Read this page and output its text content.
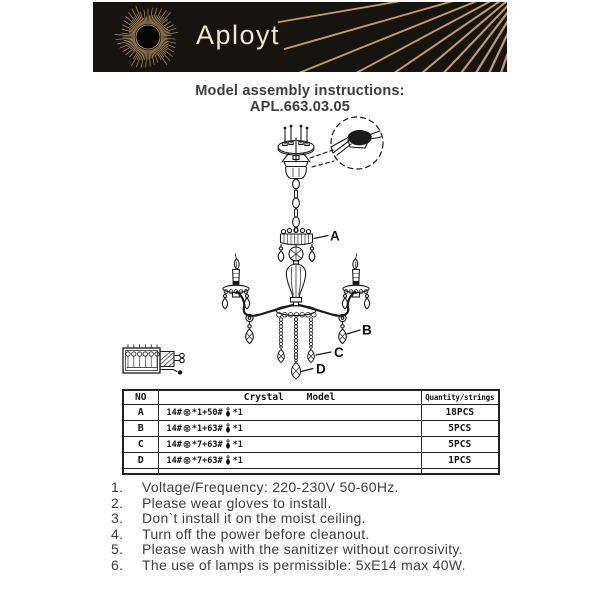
Aployt
Model assembly instructions:
APL.663.03.05
A
B
C
D
NO	Crystal    Model	Quantity/strings
A	14# *1+50# *1	18PCS
B	14# *1+63# *1	5PCS
C	14# *7+63# *1	5PCS
D	14# *7+63# *1	1PCS

1.	Voltage/Frequency: 220-230V 50-60Hz.
2.	Please wear gloves to install.
3.	Don`t install it on the moist ceiling.
4.	Turn off the power before cleanout.
5.	Please wash with the sanitizer without corrosivity.
6.	The use of lamps is permissible: 5xE14 max 40W.
